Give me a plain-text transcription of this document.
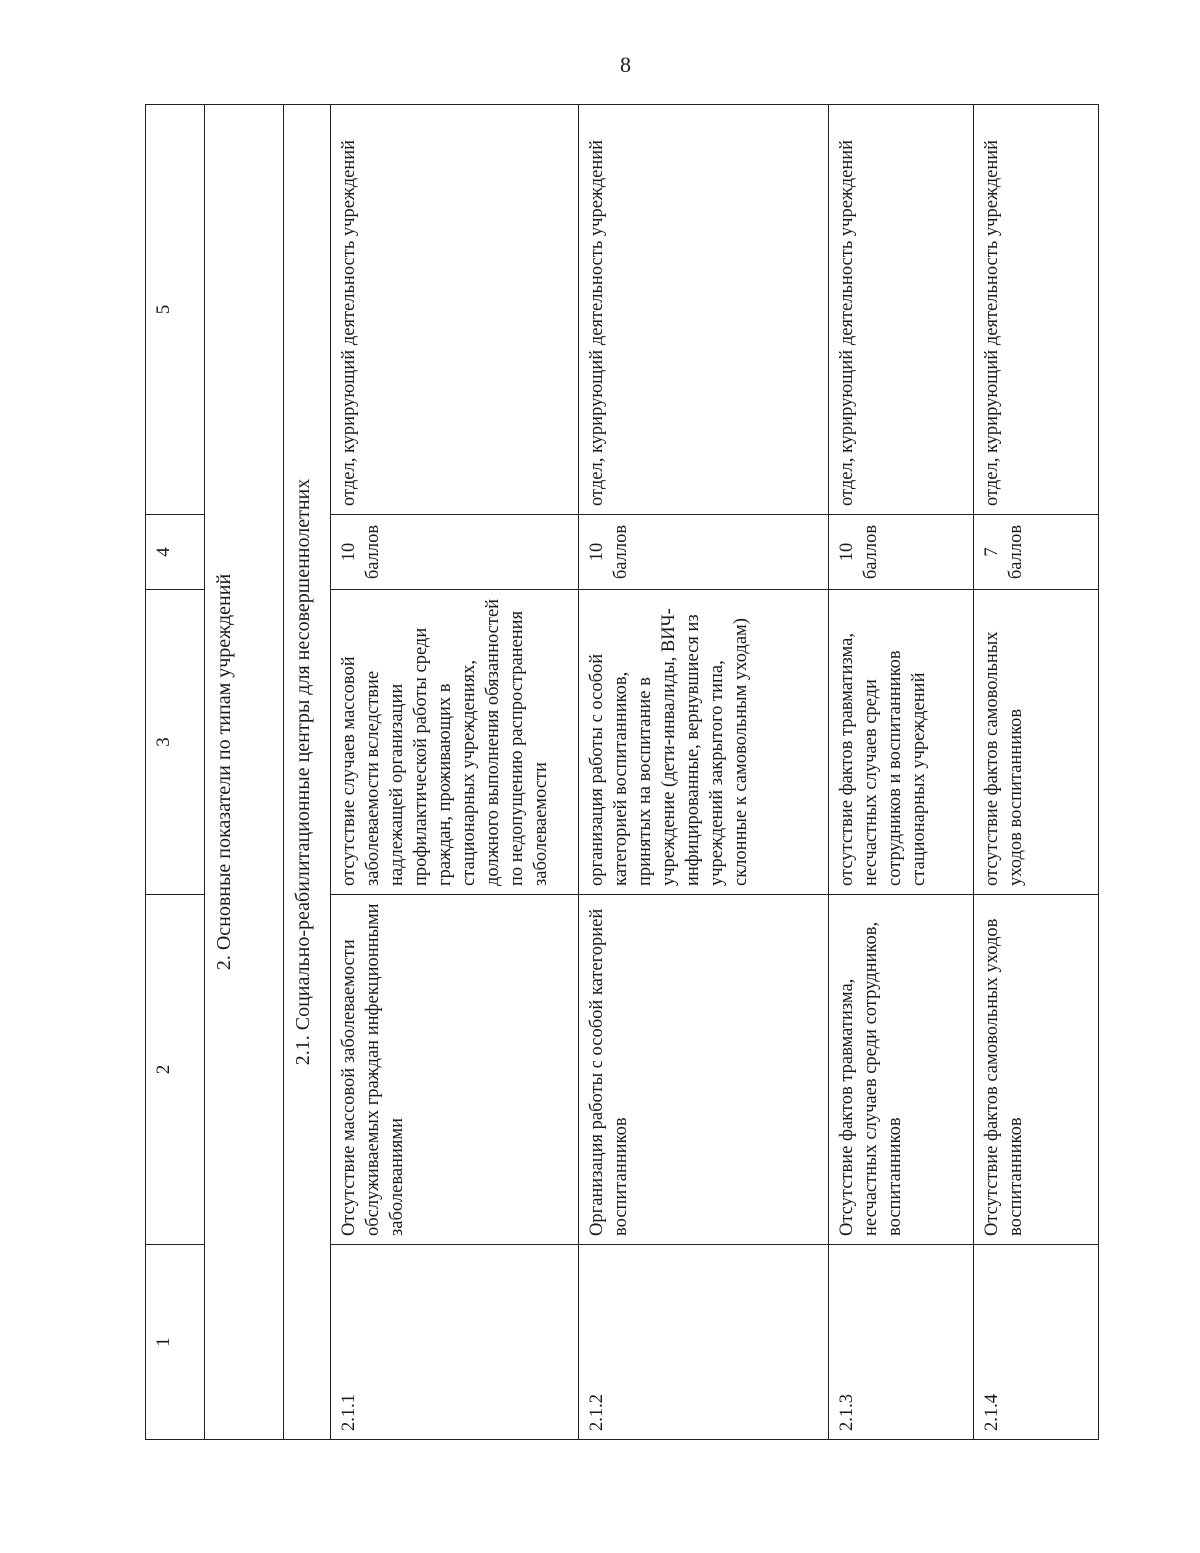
8
1	2	3	4	5
2. Основные показатели по типам учреждений				
2.1. Социально-реабилитационные центры для несовершеннолетних				
2.1.1	Отсутствие массовой заболеваемости обслуживаемых граждан инфекционными заболеваниями	отсутствие случаев массовой заболеваемости вследствие надлежащей организации профилактической работы среди граждан, проживающих в стационарных учреждениях, должного выполнения обязанностей по недопущению распространения заболеваемости	10 баллов	отдел, курирующий деятельность учреждений
2.1.2	Организация работы с особой категорией воспитанников	организация работы с особой категорией воспитанников, принятых на воспитание в учреждение (дети-инвалиды, ВИЧ-инфицированные, вернувшиеся из учреждений закрытого типа, склонные к самовольным уходам)	10 баллов	отдел, курирующий деятельность учреждений
2.1.3	Отсутствие фактов травматизма, несчастных случаев среди сотрудников, воспитанников	отсутствие фактов травматизма, несчастных случаев среди сотрудников и воспитанников стационарных учреждений	10 баллов	отдел, курирующий деятельность учреждений
2.1.4	Отсутствие фактов самовольных уходов воспитанников	отсутствие фактов самовольных уходов воспитанников	7 баллов	отдел, курирующий деятельность учреждений
